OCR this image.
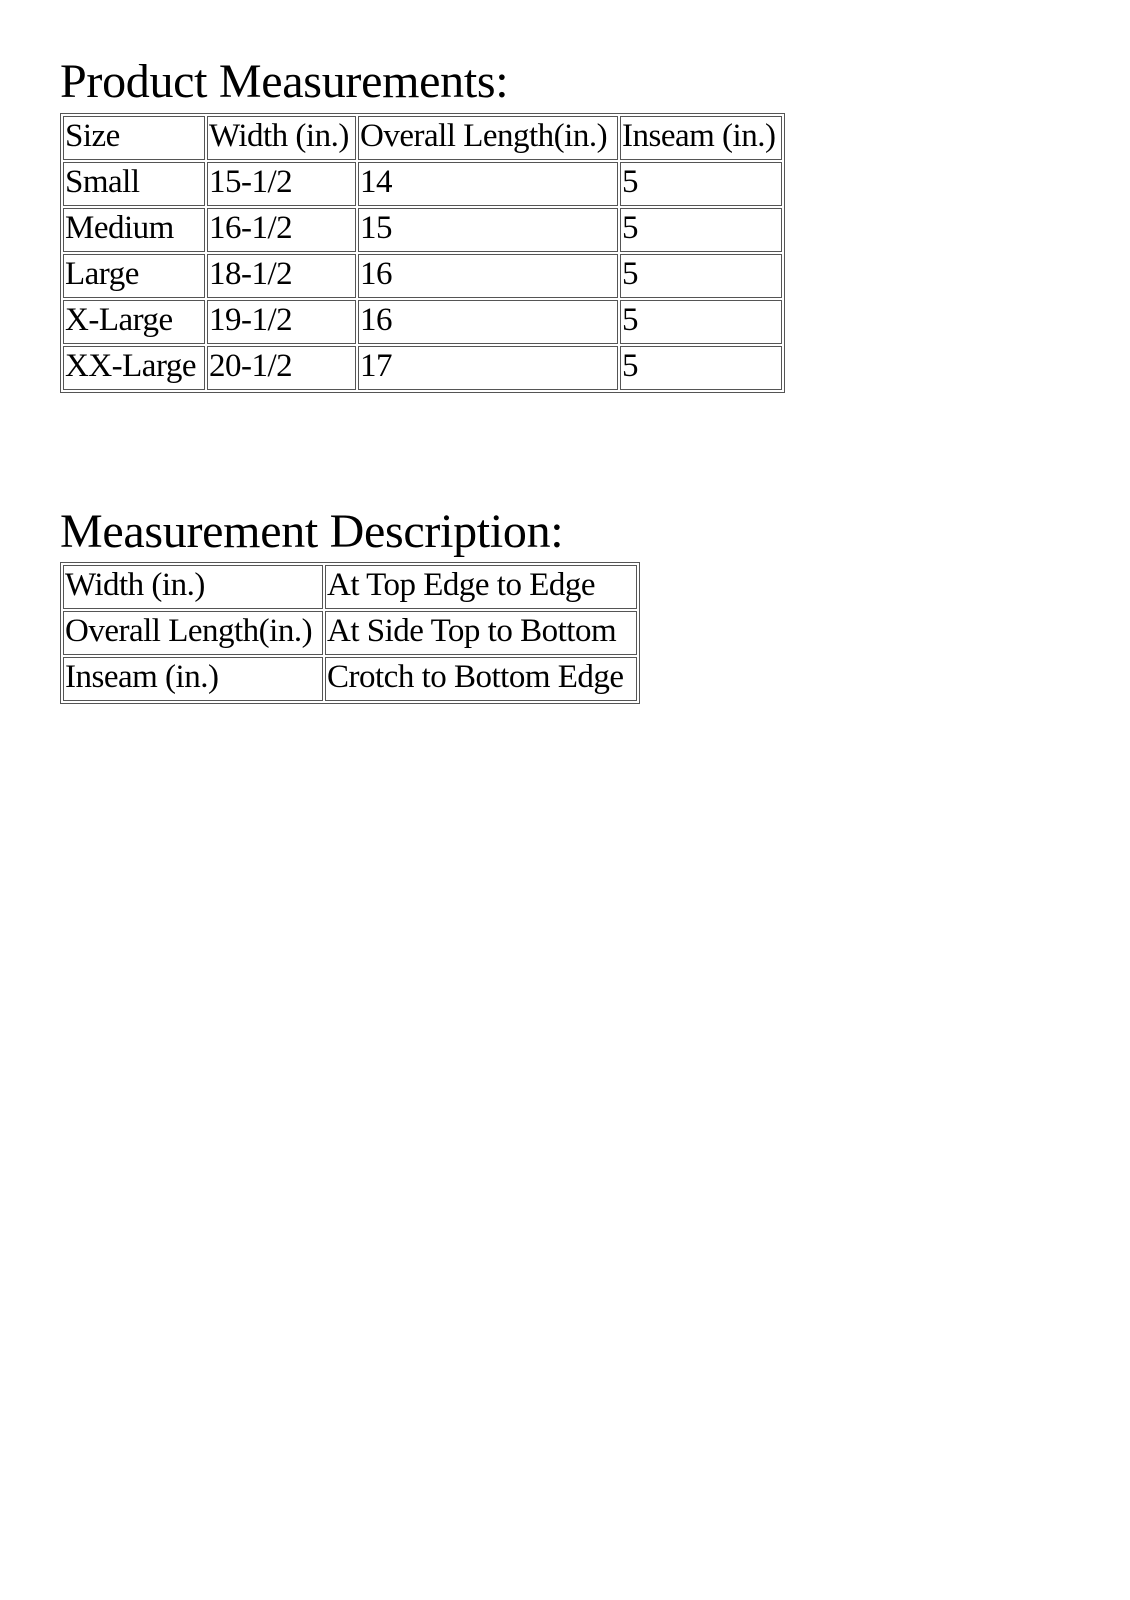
Product Measurements:
Size	Width (in.)	Overall Length(in.)	Inseam (in.)
Small	15-1/2	14	5
Medium	16-1/2	15	5
Large	18-1/2	16	5
X-Large	19-1/2	16	5
XX-Large	20-1/2	17	5
Measurement Description:
Width (in.)	At Top Edge to Edge
Overall Length(in.)	At Side Top to Bottom
Inseam (in.)	Crotch to Bottom Edge
